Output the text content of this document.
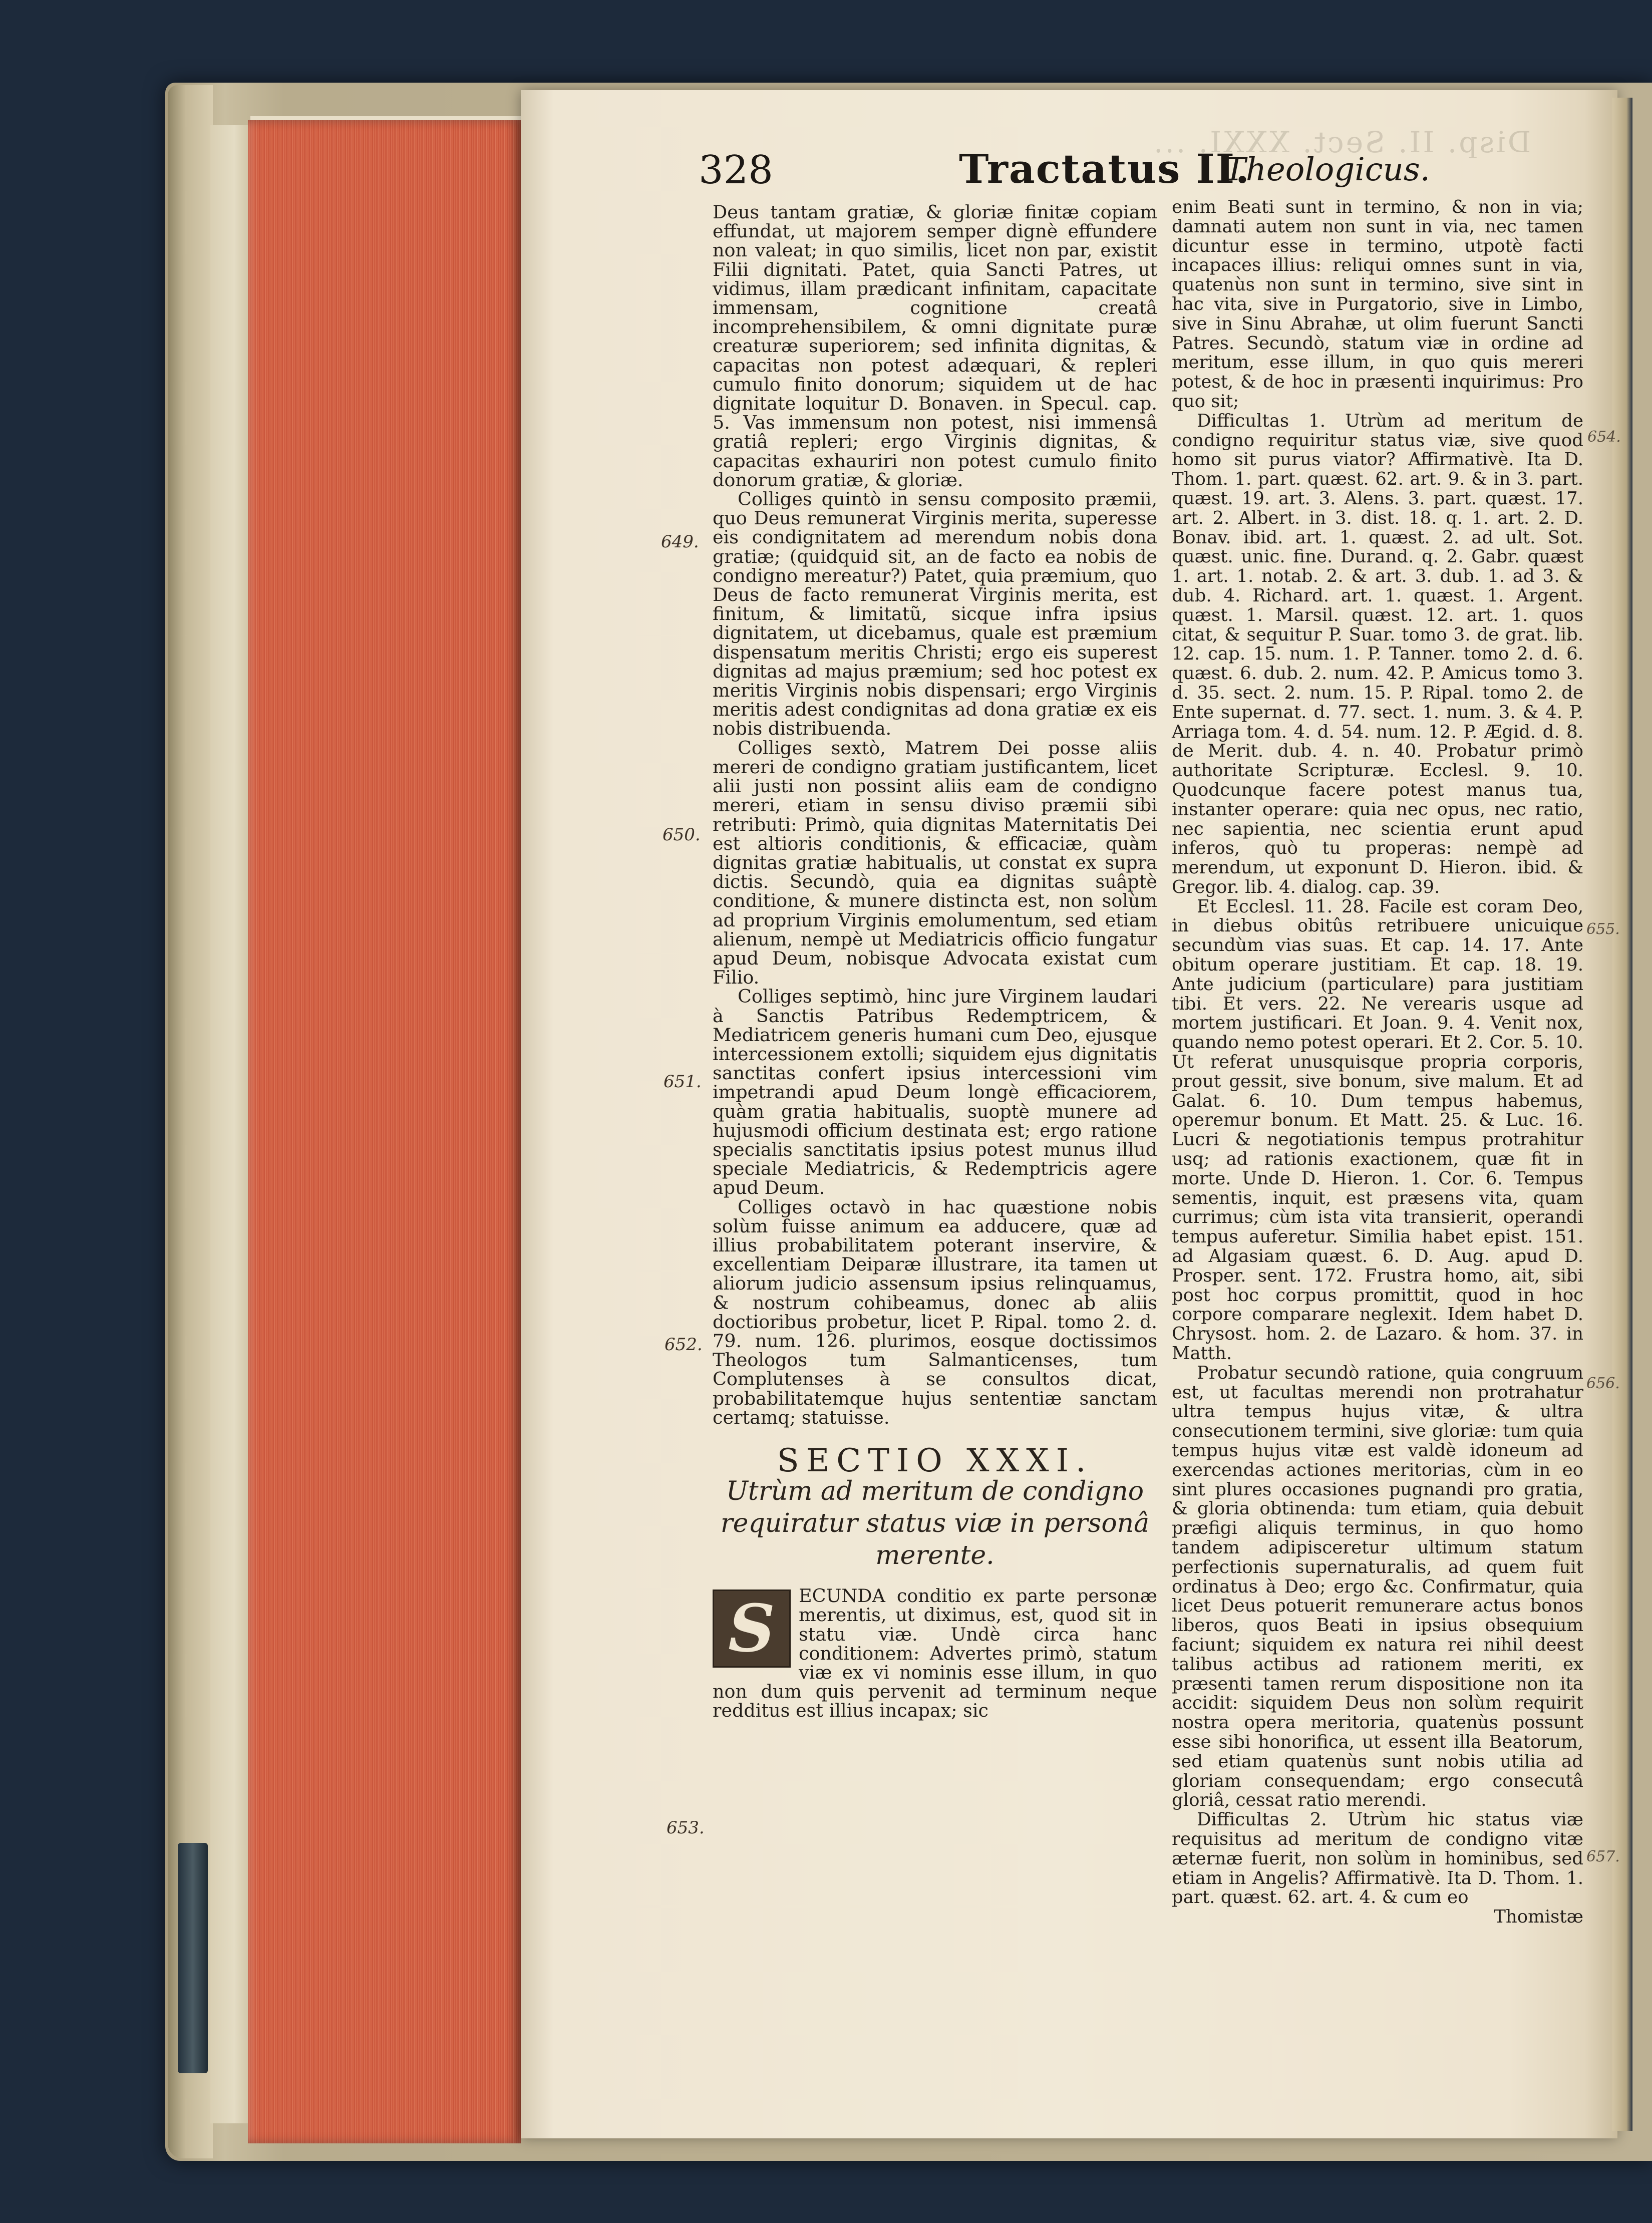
Disp. II. Sect. XXXI. ...
328	Tractatus II.
Theologicus.
649.
650.
651.
652.
653.
654.
655.
656.
657.

Deus tantam gratiæ, & gloriæ finitæ copiam effundat, ut majorem semper dignè effundere non valeat; in quo similis, licet non par, existit Filii dignitati. Patet, quia Sancti Patres, ut vidimus, illam prædicant infinitam, capacitate immensam, cognitione creatâ incomprehensibilem, & omni dignitate puræ creaturæ superiorem; sed infinita dignitas, & capacitas non potest adæquari, & repleri cumulo finito donorum; siquidem ut de hac dignitate loquitur D. Bonaven. in Specul. cap. 5. Vas immensum non potest, nisi immensâ gratiâ repleri; ergo Virginis dignitas, & capacitas exhauriri non potest cumulo finito donorum gratiæ, & gloriæ.

Colliges quintò in sensu composito præmii, quo Deus remunerat Virginis merita, superesse eis condignitatem ad merendum nobis dona gratiæ; (quidquid sit, an de facto ea nobis de condigno mereatur?) Patet, quia præmium, quo Deus de facto remunerat Virginis merita, est finitum, & limitatũ, sicque infra ipsius dignitatem, ut dicebamus, quale est præmium dispensatum meritis Christi; ergo eis superest dignitas ad majus præmium; sed hoc potest ex meritis Virginis nobis dispensari; ergo Virginis meritis adest condignitas ad dona gratiæ ex eis nobis distribuenda.

Colliges sextò, Matrem Dei posse aliis mereri de condigno gratiam justificantem, licet alii justi non possint aliis eam de condigno mereri, etiam in sensu diviso præmii sibi retributi: Primò, quia dignitas Maternitatis Dei est altioris conditionis, & efficaciæ, quàm dignitas gratiæ habitualis, ut constat ex supra dictis. Secundò, quia ea dignitas suâptè conditione, & munere distincta est, non solùm ad proprium Virginis emolumentum, sed etiam alienum, nempè ut Mediatricis officio fungatur apud Deum, nobisque Advocata existat cum Filio.

Colliges septimò, hinc jure Virginem laudari à Sanctis Patribus Redemptricem, & Mediatricem generis humani cum Deo, ejusque intercessionem extolli; siquidem ejus dignitatis sanctitas confert ipsius intercessioni vim impetrandi apud Deum longè efficaciorem, quàm gratia habitualis, suoptè munere ad hujusmodi officium destinata est; ergo ratione specialis sanctitatis ipsius potest munus illud speciale Mediatricis, & Redemptricis agere apud Deum.

Colliges octavò in hac quæstione nobis solùm fuisse animum ea adducere, quæ ad illius probabilitatem poterant inservire, & excellentiam Deiparæ illustrare, ita tamen ut aliorum judicio assensum ipsius relinquamus, & nostrum cohibeamus, donec ab aliis doctioribus probetur, licet P. Ripal. tomo 2. d. 79. num. 126. plurimos, eosque doctissimos Theologos tum Salmanticenses, tum Complutenses à se consultos dicat, probabilitatemque hujus sententiæ sanctam certamq; statuisse.

SECTIO XXXI.
Utrùm ad meritum de condigno requiratur status viæ in personâ merente.
S	ECUNDA conditio ex parte personæ merentis, ut diximus, est, quod sit in statu viæ. Undè circa hanc conditionem: Advertes primò, statum viæ ex vi nominis esse illum, in quo non dum quis pervenit ad terminum neque redditus est illius incapax; sic

enim Beati sunt in termino, & non in via; damnati autem non sunt in via, nec tamen dicuntur esse in termino, utpotè facti incapaces illius: reliqui omnes sunt in via, quatenùs non sunt in termino, sive sint in hac vita, sive in Purgatorio, sive in Limbo, sive in Sinu Abrahæ, ut olim fuerunt Sancti Patres. Secundò, statum viæ in ordine ad meritum, esse illum, in quo quis mereri potest, & de hoc in præsenti inquirimus: Pro quo sit;

Difficultas 1. Utrùm ad meritum de condigno requiritur status viæ, sive quod homo sit purus viator? Affirmativè. Ita D. Thom. 1. part. quæst. 62. art. 9. & in 3. part. quæst. 19. art. 3. Alens. 3. part. quæst. 17. art. 2. Albert. in 3. dist. 18. q. 1. art. 2. D. Bonav. ibid. art. 1. quæst. 2. ad ult. Sot. quæst. unic. fine. Durand. q. 2. Gabr. quæst 1. art. 1. notab. 2. & art. 3. dub. 1. ad 3. & dub. 4. Richard. art. 1. quæst. 1. Argent. quæst. 1. Marsil. quæst. 12. art. 1. quos citat, & sequitur P. Suar. tomo 3. de grat. lib. 12. cap. 15. num. 1. P. Tanner. tomo 2. d. 6. quæst. 6. dub. 2. num. 42. P. Amicus tomo 3. d. 35. sect. 2. num. 15. P. Ripal. tomo 2. de Ente supernat. d. 77. sect. 1. num. 3. & 4. P. Arriaga tom. 4. d. 54. num. 12. P. Ægid. d. 8. de Merit. dub. 4. n. 40. Probatur primò authoritate Scripturæ. Ecclesl. 9. 10. Quodcunque facere potest manus tua, instanter operare: quia nec opus, nec ratio, nec sapientia, nec scientia erunt apud inferos, quò tu properas: nempè ad merendum, ut exponunt D. Hieron. ibid. & Gregor. lib. 4. dialog. cap. 39.

Et Ecclesl. 11. 28. Facile est coram Deo, in diebus obitûs retribuere unicuique secundùm vias suas. Et cap. 14. 17. Ante obitum operare justitiam. Et cap. 18. 19. Ante judicium (particulare) para justitiam tibi. Et vers. 22. Ne verearis usque ad mortem justificari. Et Joan. 9. 4. Venit nox, quando nemo potest operari. Et 2. Cor. 5. 10. Ut referat unusquisque propria corporis, prout gessit, sive bonum, sive malum. Et ad Galat. 6. 10. Dum tempus habemus, operemur bonum. Et Matt. 25. & Luc. 16. Lucri & negotiationis tempus protrahitur usq; ad rationis exactionem, quæ fit in morte. Unde D. Hieron. 1. Cor. 6. Tempus sementis, inquit, est præsens vita, quam currimus; cùm ista vita transierit, operandi tempus auferetur. Similia habet epist. 151. ad Algasiam quæst. 6. D. Aug. apud D. Prosper. sent. 172. Frustra homo, ait, sibi post hoc corpus promittit, quod in hoc corpore comparare neglexit. Idem habet D. Chrysost. hom. 2. de Lazaro. & hom. 37. in Matth.

Probatur secundò ratione, quia congruum est, ut facultas merendi non protrahatur ultra tempus hujus vitæ, & ultra consecutionem termini, sive gloriæ: tum quia tempus hujus vitæ est valdè idoneum ad exercendas actiones meritorias, cùm in eo sint plures occasiones pugnandi pro gratia, & gloria obtinenda: tum etiam, quia debuit præfigi aliquis terminus, in quo homo tandem adipisceretur ultimum statum perfectionis supernaturalis, ad quem fuit ordinatus à Deo; ergo &c. Confirmatur, quia licet Deus potuerit remunerare actus bonos liberos, quos Beati in ipsius obsequium faciunt; siquidem ex natura rei nihil deest talibus actibus ad rationem meriti, ex præsenti tamen rerum dispositione non ita accidit: siquidem Deus non solùm requirit nostra opera meritoria, quatenùs possunt esse sibi honorifica, ut essent illa Beatorum, sed etiam quatenùs sunt nobis utilia ad gloriam consequendam; ergo consecutâ gloriâ, cessat ratio merendi.

Difficultas 2. Utrùm hic status viæ requisitus ad meritum de condigno vitæ æternæ fuerit, non solùm in hominibus, sed etiam in Angelis? Affirmativè. Ita D. Thom. 1. part. quæst. 62. art. 4. & cum eo

Thomistæ
